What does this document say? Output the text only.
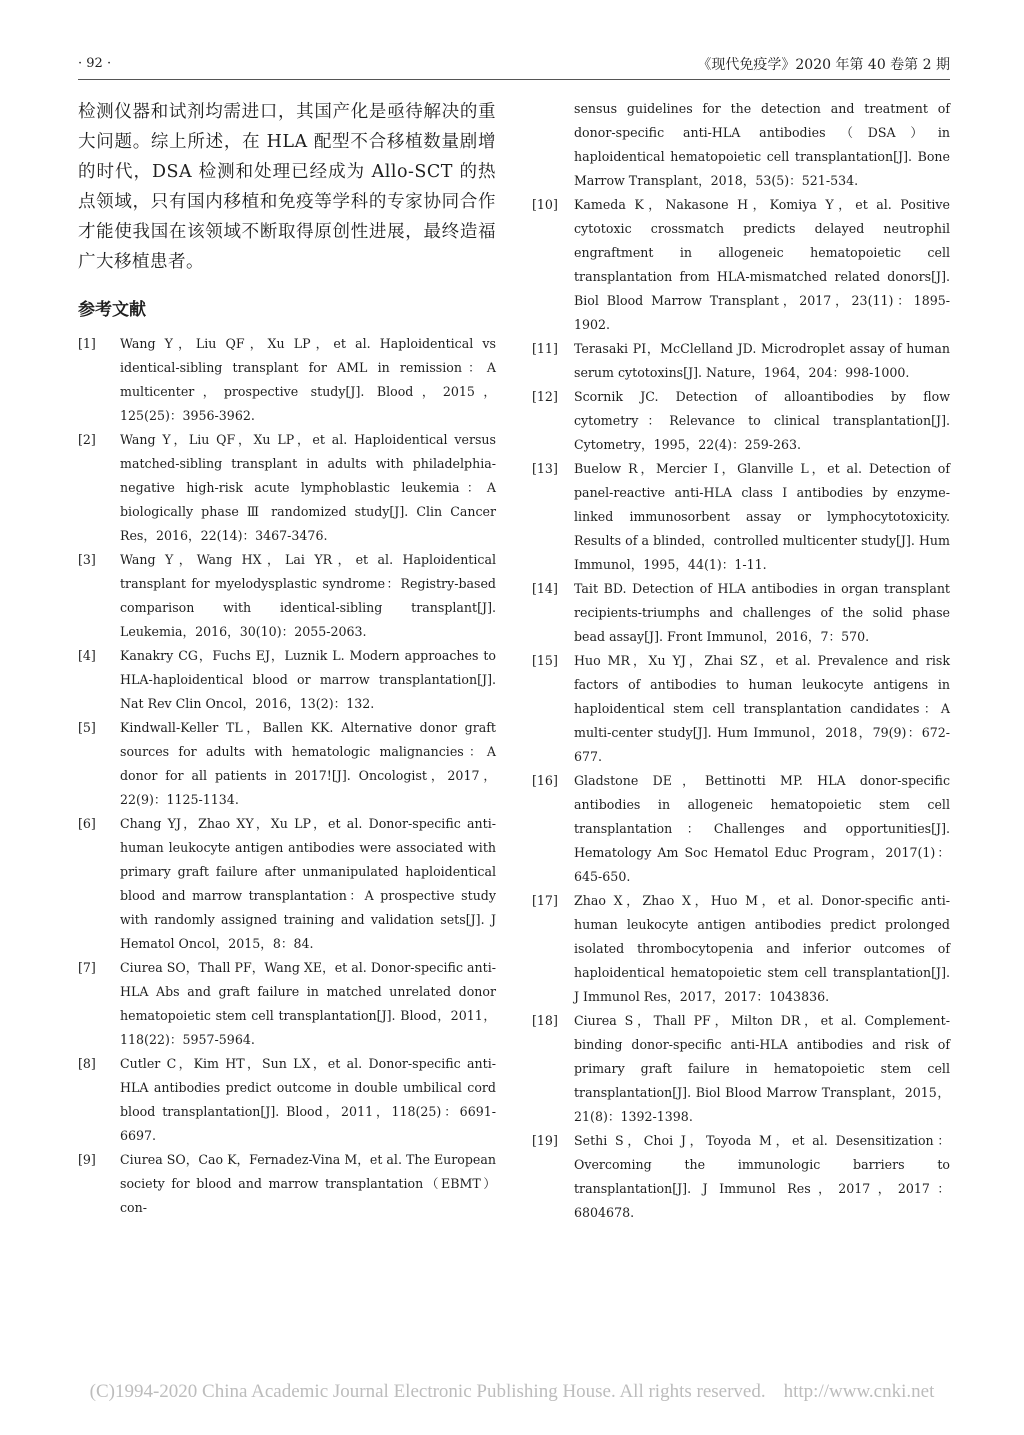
· 92 ·	《现代免疫学》2020 年第 40 卷第 2 期

检测仪器和试剂均需进口，其国产化是亟待解决的重大问题。综上所述，在 HLA 配型不合移植数量剧增的时代，DSA 检测和处理已经成为 Allo-SCT 的热点领域，只有国内移植和免疫等学科的专家协同合作才能使我国在该领域不断取得原创性进展，最终造福广大移植患者。

参考文献
[1] Wang Y，Liu QF，Xu LP，et al. Haploidentical vs identical-sibling transplant for AML in remission：A multicenter，prospective study[J]. Blood，2015，125(25)：3956-3962.
[2] Wang Y，Liu QF，Xu LP，et al. Haploidentical versus matched-sibling transplant in adults with philadelphia-negative high-risk acute lymphoblastic leukemia：A biologically phase Ⅲ randomized study[J]. Clin Cancer Res，2016，22(14)：3467-3476.
[3] Wang Y，Wang HX，Lai YR，et al. Haploidentical transplant for myelodysplastic syndrome：Registry-based comparison with identical-sibling transplant[J]. Leukemia，2016，30(10)：2055-2063.
[4] Kanakry CG，Fuchs EJ，Luznik L. Modern approaches to HLA-haploidentical blood or marrow transplantation[J]. Nat Rev Clin Oncol，2016，13(2)：132.
[5] Kindwall-Keller TL，Ballen KK. Alternative donor graft sources for adults with hematologic malignancies：A donor for all patients in 2017![J]. Oncologist，2017，22(9)：1125-1134.
[6] Chang YJ，Zhao XY，Xu LP，et al. Donor-specific anti-human leukocyte antigen antibodies were associated with primary graft failure after unmanipulated haploidentical blood and marrow transplantation：A prospective study with randomly assigned training and validation sets[J]. J Hematol Oncol，2015，8：84.
[7] Ciurea SO，Thall PF，Wang XE，et al. Donor-specific anti-HLA Abs and graft failure in matched unrelated donor hematopoietic stem cell transplantation[J]. Blood，2011，118(22)：5957-5964.
[8] Cutler C，Kim HT，Sun LX，et al. Donor-specific anti-HLA antibodies predict outcome in double umbilical cord blood transplantation[J]. Blood，2011，118(25)：6691-6697.
[9] Ciurea SO，Cao K，Fernadez-Vina M，et al. The European society for blood and marrow transplantation（EBMT）con-
sensus guidelines for the detection and treatment of donor-specific anti-HLA antibodies（DSA）in haploidentical hematopoietic cell transplantation[J]. Bone Marrow Transplant，2018，53(5)：521-534.
[10] Kameda K，Nakasone H，Komiya Y，et al. Positive cytotoxic crossmatch predicts delayed neutrophil engraftment in allogeneic hematopoietic cell transplantation from HLA-mismatched related donors[J]. Biol Blood Marrow Transplant，2017，23(11)：1895-1902.
[11] Terasaki PI，McClelland JD. Microdroplet assay of human serum cytotoxins[J]. Nature，1964，204：998-1000.
[12] Scornik JC. Detection of alloantibodies by flow cytometry：Relevance to clinical transplantation[J]. Cytometry，1995，22(4)：259-263.
[13] Buelow R，Mercier I，Glanville L，et al. Detection of panel-reactive anti-HLA class I antibodies by enzyme-linked immunosorbent assay or lymphocytotoxicity. Results of a blinded，controlled multicenter study[J]. Hum Immunol，1995，44(1)：1-11.
[14] Tait BD. Detection of HLA antibodies in organ transplant recipients-triumphs and challenges of the solid phase bead assay[J]. Front Immunol，2016，7：570.
[15] Huo MR，Xu YJ，Zhai SZ，et al. Prevalence and risk factors of antibodies to human leukocyte antigens in haploidentical stem cell transplantation candidates：A multi-center study[J]. Hum Immunol，2018，79(9)：672-677.
[16] Gladstone DE，Bettinotti MP. HLA donor-specific antibodies in allogeneic hematopoietic stem cell transplantation：Challenges and opportunities[J]. Hematology Am Soc Hematol Educ Program，2017(1)：645-650.
[17] Zhao X，Zhao X，Huo M，et al. Donor-specific anti-human leukocyte antigen antibodies predict prolonged isolated thrombocytopenia and inferior outcomes of haploidentical hematopoietic stem cell transplantation[J]. J Immunol Res，2017，2017：1043836.
[18] Ciurea S，Thall PF，Milton DR，et al. Complement-binding donor-specific anti-HLA antibodies and risk of primary graft failure in hematopoietic stem cell transplantation[J]. Biol Blood Marrow Transplant，2015，21(8)：1392-1398.
[19] Sethi S，Choi J，Toyoda M，et al. Desensitization：Overcoming the immunologic barriers to transplantation[J]. J Immunol Res，2017，2017：6804678.
(C)1994-2020 China Academic Journal Electronic Publishing House. All rights reserved. http://www.cnki.net
